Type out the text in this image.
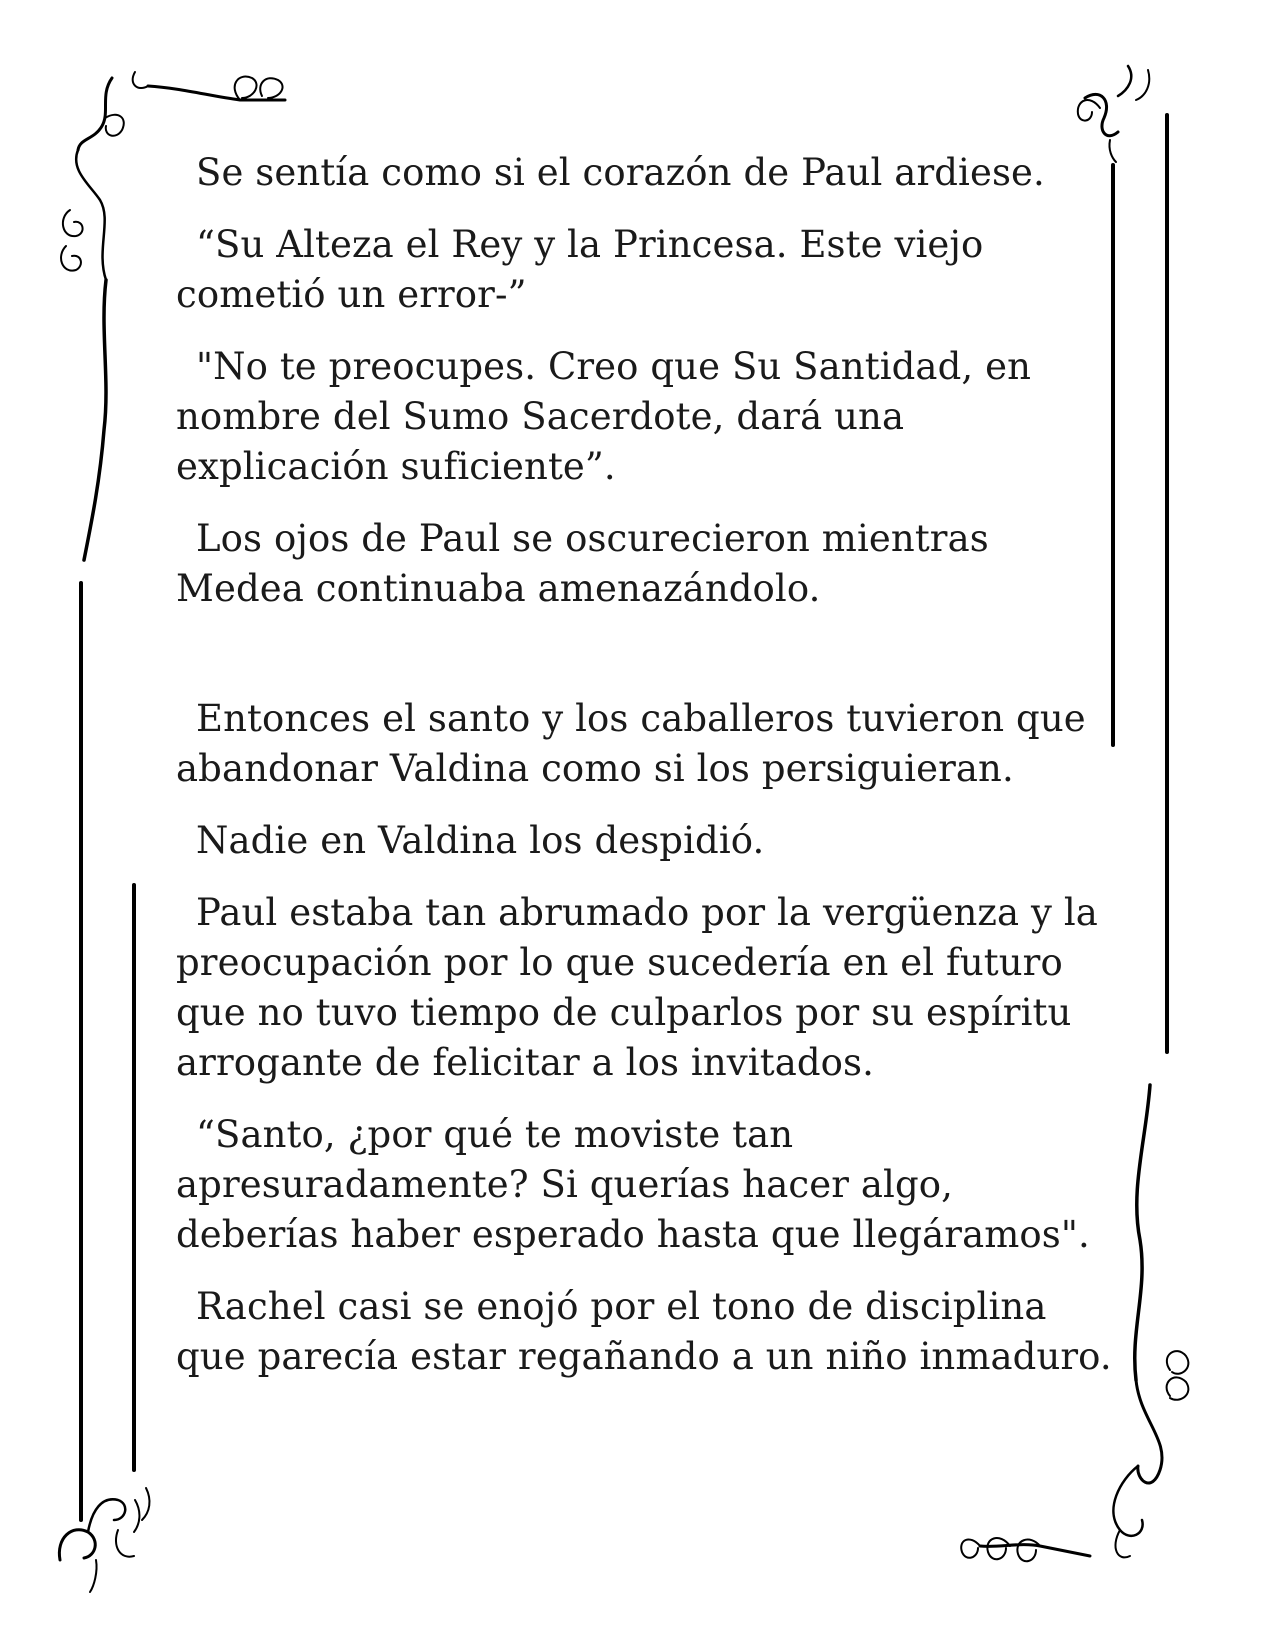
Se sentía como si el corazón de Paul ardiese.

“Su Alteza el Rey y la Princesa. Este viejo cometió un error-”

"No te preocupes. Creo que Su Santidad, en nombre del Sumo Sacerdote, dará una explicación suficiente”.

Los ojos de Paul se oscurecieron mientras Medea continuaba amenazándolo.

Entonces el santo y los caballeros tuvieron que abandonar Valdina como si los persiguieran.

Nadie en Valdina los despidió.

Paul estaba tan abrumado por la vergüenza y la preocupación por lo que sucedería en el futuro que no tuvo tiempo de culparlos por su espíritu arrogante de felicitar a los invitados.

“Santo, ¿por qué te moviste tan apresuradamente? Si querías hacer algo, deberías haber esperado hasta que llegáramos".

Rachel casi se enojó por el tono de disciplina que parecía estar regañando a un niño inmaduro.
